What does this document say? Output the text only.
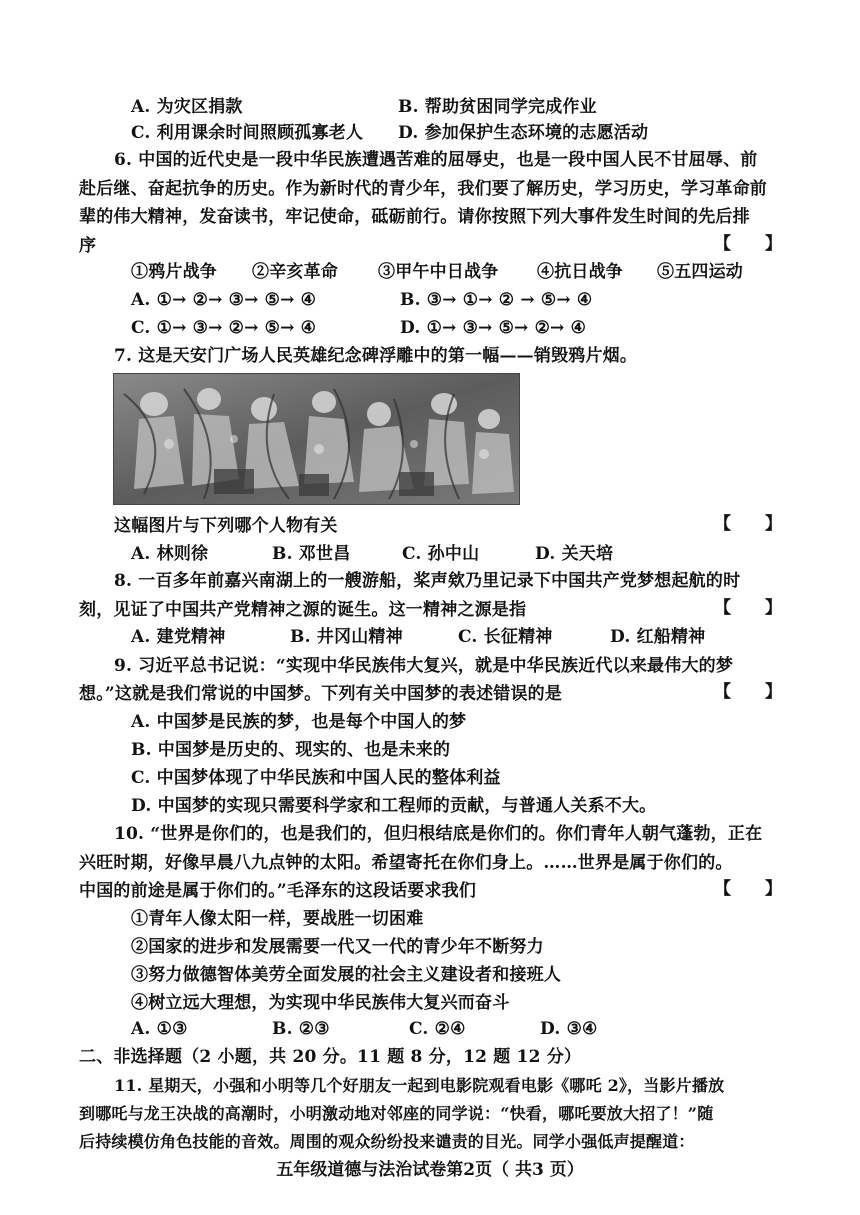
A. 为灾区捐款	B. 帮助贫困同学完成作业
C. 利用课余时间照顾孤寡老人 D. 参加保护生态环境的志愿活动
6. 中国的近代史是一段中华民族遭遇苦难的屈辱史，也是一段中国人民不甘屈辱、前
赴后继、奋起抗争的历史。作为新时代的青少年，我们要了解历史，学习历史，学习革命前
辈的伟大精神，发奋读书，牢记使命，砥砺前行。请你按照下列大事件发生时间的先后排
序	【　　】
①鸦片战争 ②辛亥革命 ③甲午中日战争 ④抗日战争 ⑤五四运动
A. ①→ ②→ ③→ ⑤→ ④	B. ③→ ①→ ② → ⑤→ ④
C. ①→ ③→ ②→ ⑤→ ④	D. ①→ ③→ ⑤→ ②→ ④
7. 这是天安门广场人民英雄纪念碑浮雕中的第一幅——销毁鸦片烟。
这幅图片与下列哪个人物有关	【　　】
A. 林则徐	B. 邓世昌	C. 孙中山	D. 关天培
8. 一百多年前嘉兴南湖上的一艘游船，桨声欸乃里记录下中国共产党梦想起航的时
刻，见证了中国共产党精神之源的诞生。这一精神之源是指	【　　】
A. 建党精神	B. 井冈山精神	C. 长征精神	D. 红船精神
9. 习近平总书记说：“实现中华民族伟大复兴，就是中华民族近代以来最伟大的梦
想。”这就是我们常说的中国梦。下列有关中国梦的表述错误的是	【　　】
A. 中国梦是民族的梦，也是每个中国人的梦
B. 中国梦是历史的、现实的、也是未来的
C. 中国梦体现了中华民族和中国人民的整体利益
D. 中国梦的实现只需要科学家和工程师的贡献，与普通人关系不大。
10. “世界是你们的，也是我们的，但归根结底是你们的。你们青年人朝气蓬勃，正在
兴旺时期，好像早晨八九点钟的太阳。希望寄托在你们身上。……世界是属于你们的。
中国的前途是属于你们的。”毛泽东的这段话要求我们	【　　】
①青年人像太阳一样，要战胜一切困难
②国家的进步和发展需要一代又一代的青少年不断努力
③努力做德智体美劳全面发展的社会主义建设者和接班人
④树立远大理想，为实现中华民族伟大复兴而奋斗
A. ①③	B. ②③	C. ②④	D. ③④
二、非选择题（2 小题，共 20 分。11 题 8 分，12 题 12 分）
11. 星期天，小强和小明等几个好朋友一起到电影院观看电影《哪吒 2》，当影片播放
到哪吒与龙王决战的高潮时，小明激动地对邻座的同学说：“快看，哪吒要放大招了！”随
后持续模仿角色技能的音效。周围的观众纷纷投来谴责的目光。同学小强低声提醒道：
五年级道德与法治试卷第2页（ 共3 页）
